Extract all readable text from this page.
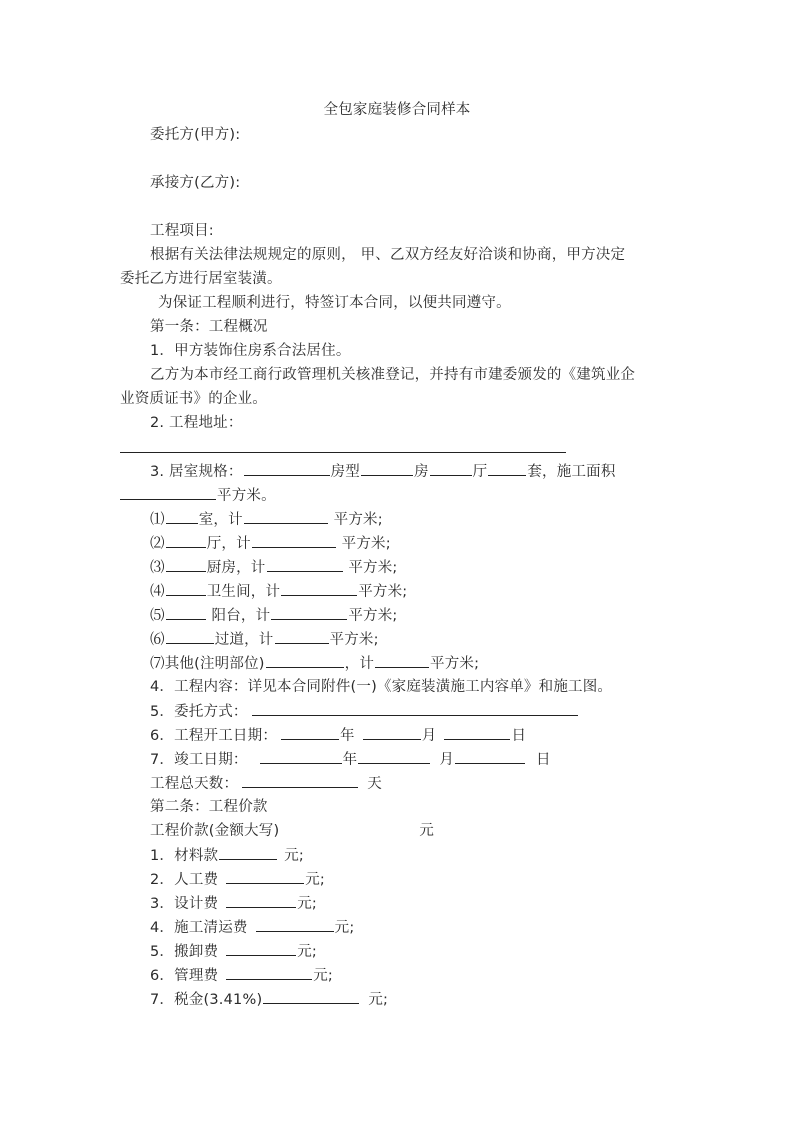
全包家庭装修合同样本
委托方(甲方):
承接方(乙方):
工程项目:
根据有关法律法规规定的原则， 甲、乙双方经友好洽谈和协商，甲方决定
委托乙方进行居室装潢。
为保证工程顺利进行，特签订本合同，以便共同遵守。
第一条：工程概况
1．甲方装饰住房系合法居住。
乙方为本市经工商行政管理机关核准登记，并持有市建委颁发的《建筑业企
业资质证书》的企业。
2. 工程地址：
3. 居室规格：	房型	房	厅	套，施工面积
平方米。
⑴ 室，计	平方米;
⑵	厅，计	平方米;
⑶	厨房，计	平方米;
⑷	卫生间，计	平方米;
⑸	阳台，计	平方米;
⑹	过道，计	平方米;
⑺其他(注明部位)	，计	平方米;
4．工程内容：详见本合同附件(一)《家庭装潢施工内容单》和施工图。
5．委托方式：
6．工程开工日期：	年	月	日
7．竣工日期：	年	月	日
工程总天数：	天
第二条：工程价款
工程价款(金额大写)	元
1．材料款	元;
2．人工费	元;
3．设计费	元;
4．施工清运费	元;
5．搬卸费	元;
6．管理费	元;
7．税金(3.41%)	元;
